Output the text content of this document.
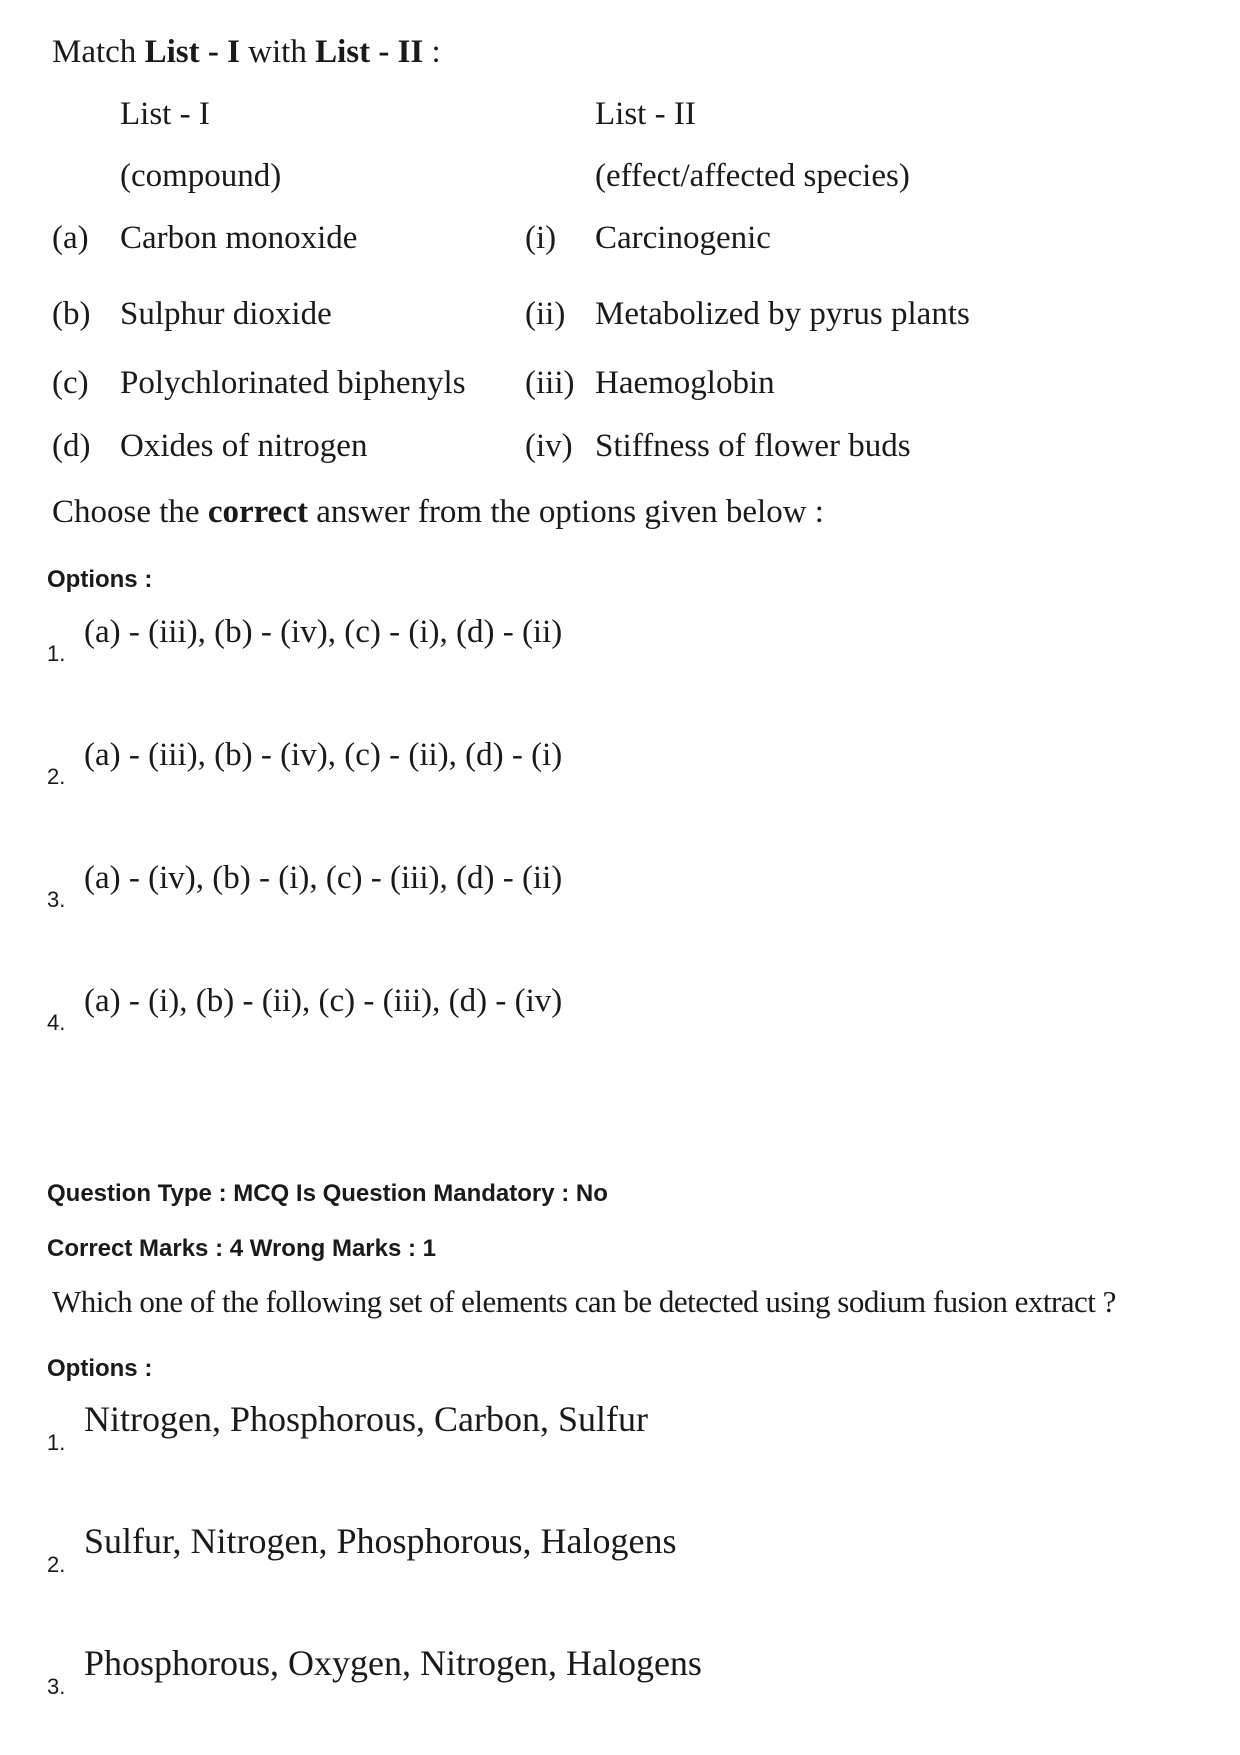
Match List - I with List - II :
List - I	List - II
(compound)	(effect/affected species)
(a) Carbon monoxide	(i) Carcinogenic
(b) Sulphur dioxide	(ii) Metabolized by pyrus plants
(c) Polychlorinated biphenyls (iii) Haemoglobin
(d) Oxides of nitrogen	(iv) Stiffness of flower buds
Choose the correct answer from the options given below :
Options :
1.
(a) - (iii), (b) - (iv), (c) - (i), (d) - (ii)
2.
(a) - (iii), (b) - (iv), (c) - (ii), (d) - (i)
3.
(a) - (iv), (b) - (i), (c) - (iii), (d) - (ii)
4.
(a) - (i), (b) - (ii), (c) - (iii), (d) - (iv)
Question Type : MCQ Is Question Mandatory : No
Correct Marks : 4 Wrong Marks : 1
Which one of the following set of elements can be detected using sodium fusion extract ?
Options :
1.
Nitrogen, Phosphorous, Carbon, Sulfur
2.
Sulfur, Nitrogen, Phosphorous, Halogens
3.
Phosphorous, Oxygen, Nitrogen, Halogens
